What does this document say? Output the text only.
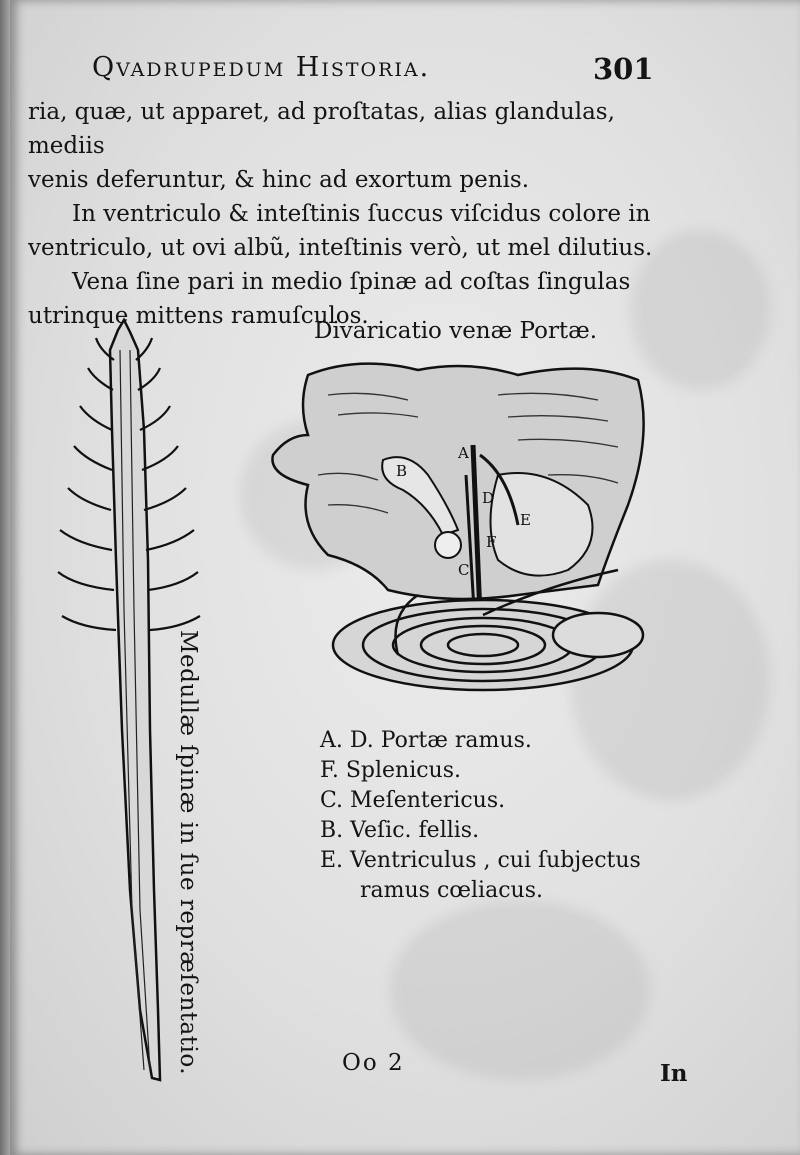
Qvadrupedum Historia.	301

ria, quæ, ut apparet, ad proſtatas, alias glandulas, mediis

venis deferuntur, & hinc ad exortum penis.

In ventriculo & inteſtinis ſuccus viſcidus colore in

ventriculo, ut ovi albũ, inteſtinis verò, ut mel dilutius.

Vena ſine pari in medio ſpinæ ad coſtas ſingulas

utrinque mittens ramuſculos.

Divaricatio venæ Portæ.
Medullæ ſpinæ in ſue repræſentatio.
A
B
C
D
E
F
A. D. Portæ ramus.
F. Splenicus.
C. Meſentericus.
B. Veſic. fellis.
E. Ventriculus , cui ſubjectus
ramus cœliacus.
Oo 2	In
